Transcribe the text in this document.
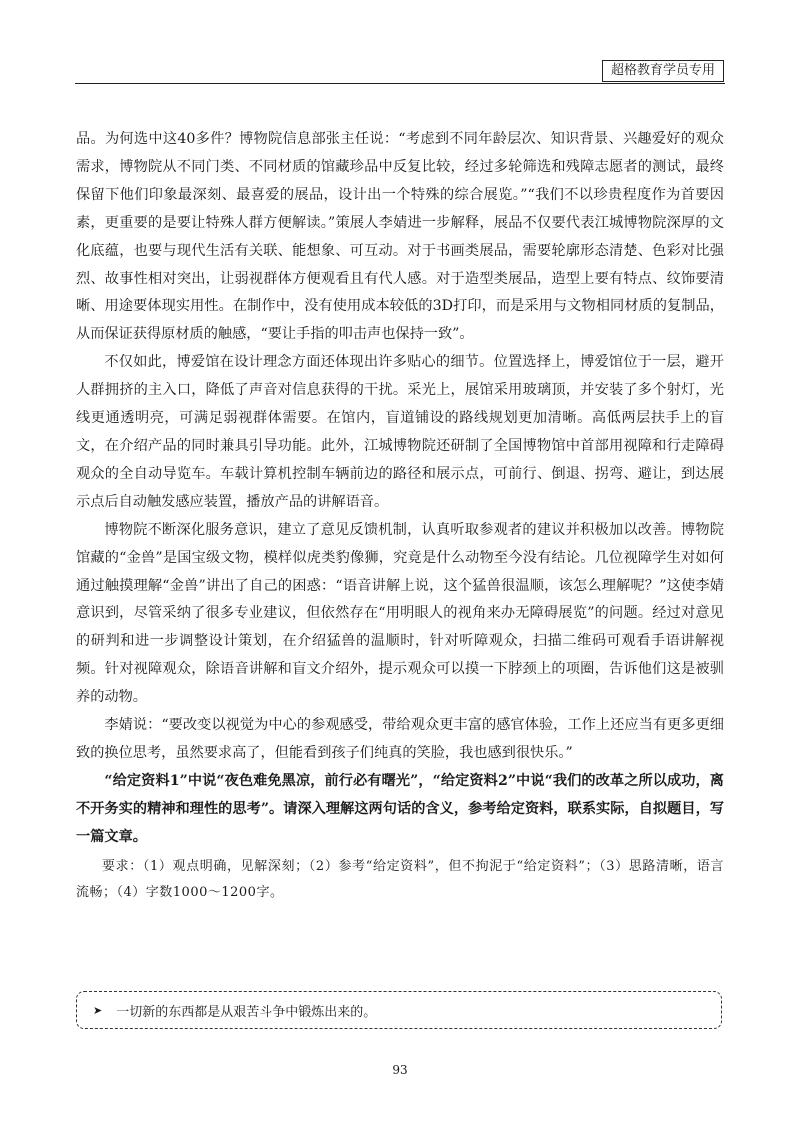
超格教育学员专用

品。为何选中这40多件？博物院信息部张主任说：“考虑到不同年龄层次、知识背景、兴趣爱好的观众需求，博物院从不同门类、不同材质的馆藏珍品中反复比较，经过多轮筛选和残障志愿者的测试，最终保留下他们印象最深刻、最喜爱的展品，设计出一个特殊的综合展览。”“我们不以珍贵程度作为首要因素，更重要的是要让特殊人群方便解读。”策展人李婧进一步解释，展品不仅要代表江城博物院深厚的文化底蕴，也要与现代生活有关联、能想象、可互动。对于书画类展品，需要轮廓形态清楚、色彩对比强烈、故事性相对突出，让弱视群体方便观看且有代人感。对于造型类展品，造型上要有特点、纹饰要清晰、用途要体现实用性。在制作中，没有使用成本较低的3D打印，而是采用与文物相同材质的复制品，从而保证获得原材质的触感，“要让手指的叩击声也保持一致”。

不仅如此，博爱馆在设计理念方面还体现出许多贴心的细节。位置选择上，博爱馆位于一层，避开人群拥挤的主入口，降低了声音对信息获得的干扰。采光上，展馆采用玻璃顶，并安装了多个射灯，光线更通透明亮，可满足弱视群体需要。在馆内，盲道铺设的路线规划更加清晰。高低两层扶手上的盲文，在介绍产品的同时兼具引导功能。此外，江城博物院还研制了全国博物馆中首部用视障和行走障碍观众的全自动导览车。车载计算机控制车辆前边的路径和展示点，可前行、倒退、拐弯、避让，到达展示点后自动触发感应装置，播放产品的讲解语音。

博物院不断深化服务意识，建立了意见反馈机制，认真听取参观者的建议并积极加以改善。博物院馆藏的“金兽”是国宝级文物，模样似虎类豹像狮，究竟是什么动物至今没有结论。几位视障学生对如何通过触摸理解“金兽”讲出了自己的困惑：“语音讲解上说，这个猛兽很温顺，该怎么理解呢？”这使李婧意识到，尽管采纳了很多专业建议，但依然存在“用明眼人的视角来办无障碍展览”的问题。经过对意见的研判和进一步调整设计策划，在介绍猛兽的温顺时，针对听障观众，扫描二维码可观看手语讲解视频。针对视障观众，除语音讲解和盲文介绍外，提示观众可以摸一下脖颈上的项圈，告诉他们这是被驯养的动物。

李婧说：“要改变以视觉为中心的参观感受，带给观众更丰富的感官体验，工作上还应当有更多更细致的换位思考，虽然要求高了，但能看到孩子们纯真的笑脸，我也感到很快乐。”

“给定资料1”中说“夜色难免黑凉，前行必有曙光”，“给定资料2”中说“我们的改革之所以成功，离不开务实的精神和理性的思考”。请深入理解这两句话的含义，参考给定资料，联系实际，自拟题目，写一篇文章。

要求：（1）观点明确，见解深刻；（2）参考“给定资料”，但不拘泥于“给定资料”；（3）思路清晰，语言流畅；（4）字数1000～1200字。

➤ 一切新的东西都是从艰苦斗争中锻炼出来的。
93
